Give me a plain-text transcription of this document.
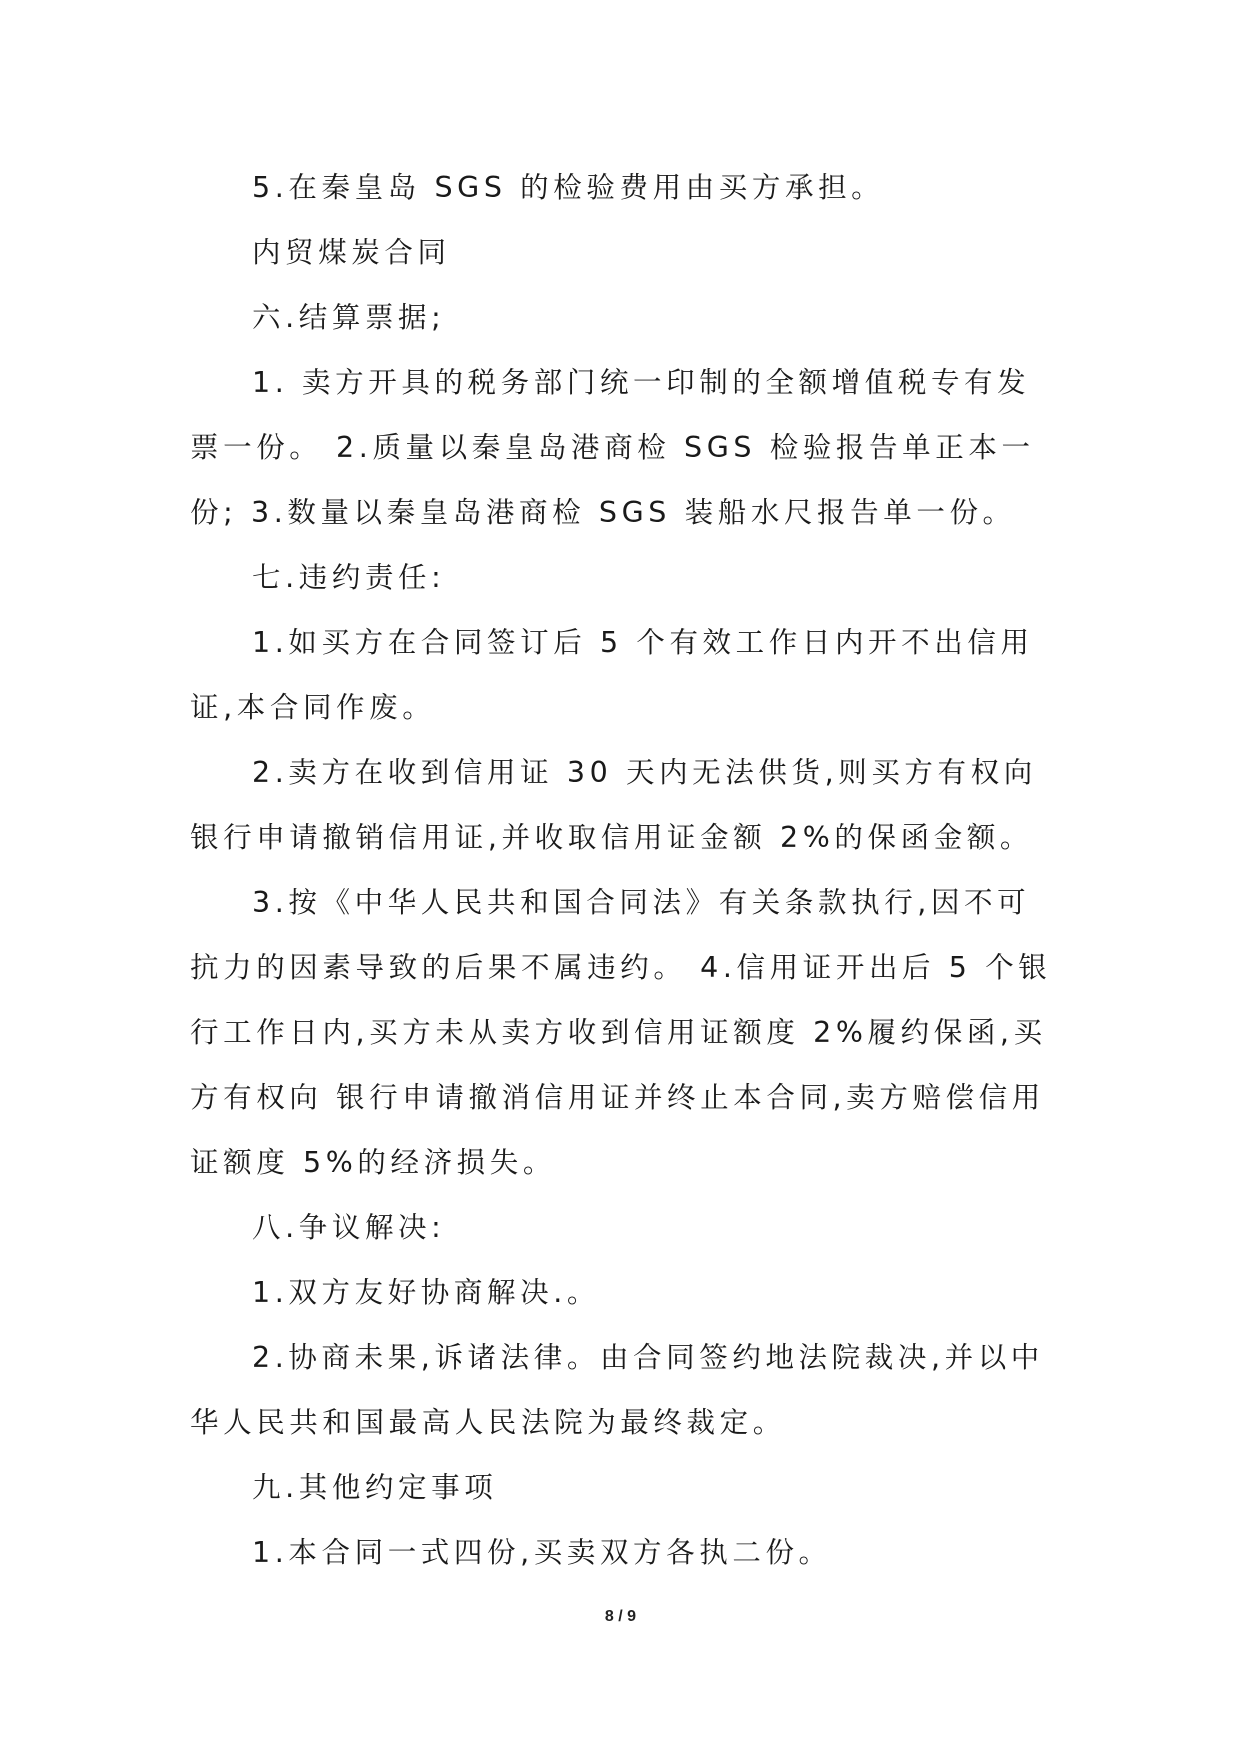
5.在秦皇岛 SGS 的检验费用由买方承担。

内贸煤炭合同

六.结算票据;

1. 卖方开具的税务部门统一印制的全额增值税专有发票一份。 2.质量以秦皇岛港商检 SGS 检验报告单正本一份; 3.数量以秦皇岛港商检 SGS 装船水尺报告单一份。

七.违约责任:

1.如买方在合同签订后 5 个有效工作日内开不出信用证,本合同作废。

2.卖方在收到信用证 30 天内无法供货,则买方有权向银行申请撤销信用证,并收取信用证金额 2%的保函金额。

3.按《中华人民共和国合同法》有关条款执行,因不可抗力的因素导致的后果不属违约。 4.信用证开出后 5 个银行工作日内,买方未从卖方收到信用证额度 2%履约保函,买方有权向 银行申请撤消信用证并终止本合同,卖方赔偿信用证额度 5%的经济损失。

八.争议解决:

1.双方友好协商解决.。

2.协商未果,诉诸法律。由合同签约地法院裁决,并以中华人民共和国最高人民法院为最终裁定。

九.其他约定事项

1.本合同一式四份,买卖双方各执二份。

8 / 9
